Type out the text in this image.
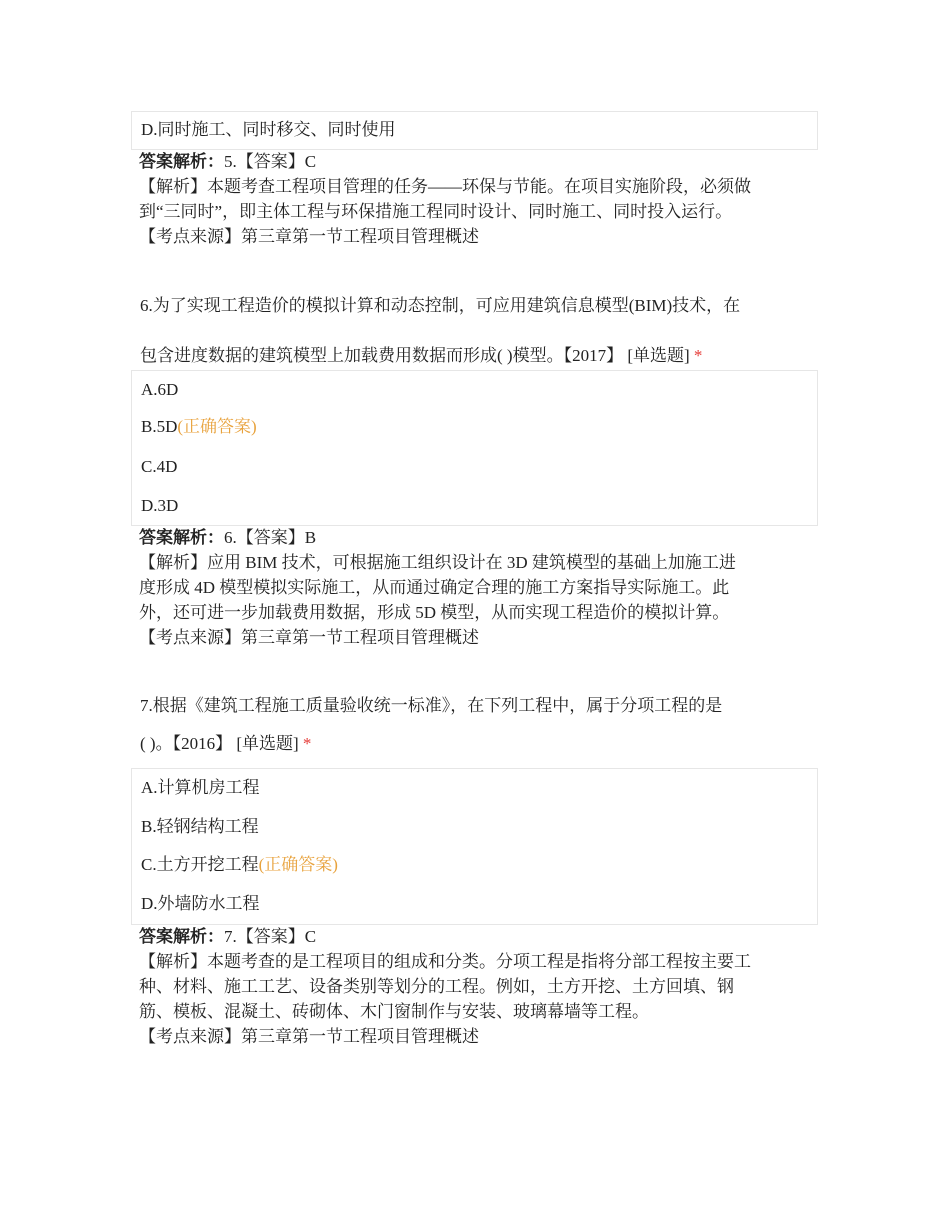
D.同时施工、同时移交、同时使用
答案解析：5.【答案】C
【解析】本题考查工程项目管理的任务——环保与节能。在项目实施阶段，必须做
到“三同时”，即主体工程与环保措施工程同时设计、同时施工、同时投入运行。
【考点来源】第三章第一节工程项目管理概述
6.为了实现工程造价的模拟计算和动态控制，可应用建筑信息模型(BIM)技术，在
包含进度数据的建筑模型上加载费用数据而形成( )模型。【2017】 [单选题] *
A.6D
B.5D(正确答案)
C.4D
D.3D
答案解析：6.【答案】B
【解析】应用 BIM 技术，可根据施工组织设计在 3D 建筑模型的基础上加施工进
度形成 4D 模型模拟实际施工，从而通过确定合理的施工方案指导实际施工。此
外，还可进一步加载费用数据，形成 5D 模型，从而实现工程造价的模拟计算。
【考点来源】第三章第一节工程项目管理概述
7.根据《建筑工程施工质量验收统一标准》，在下列工程中，属于分项工程的是
( )。【2016】 [单选题] *
A.计算机房工程
B.轻钢结构工程
C.土方开挖工程(正确答案)
D.外墙防水工程
答案解析：7.【答案】C
【解析】本题考查的是工程项目的组成和分类。分项工程是指将分部工程按主要工
种、材料、施工工艺、设备类别等划分的工程。例如，土方开挖、土方回填、钢
筋、模板、混凝土、砖砌体、木门窗制作与安装、玻璃幕墙等工程。
【考点来源】第三章第一节工程项目管理概述
